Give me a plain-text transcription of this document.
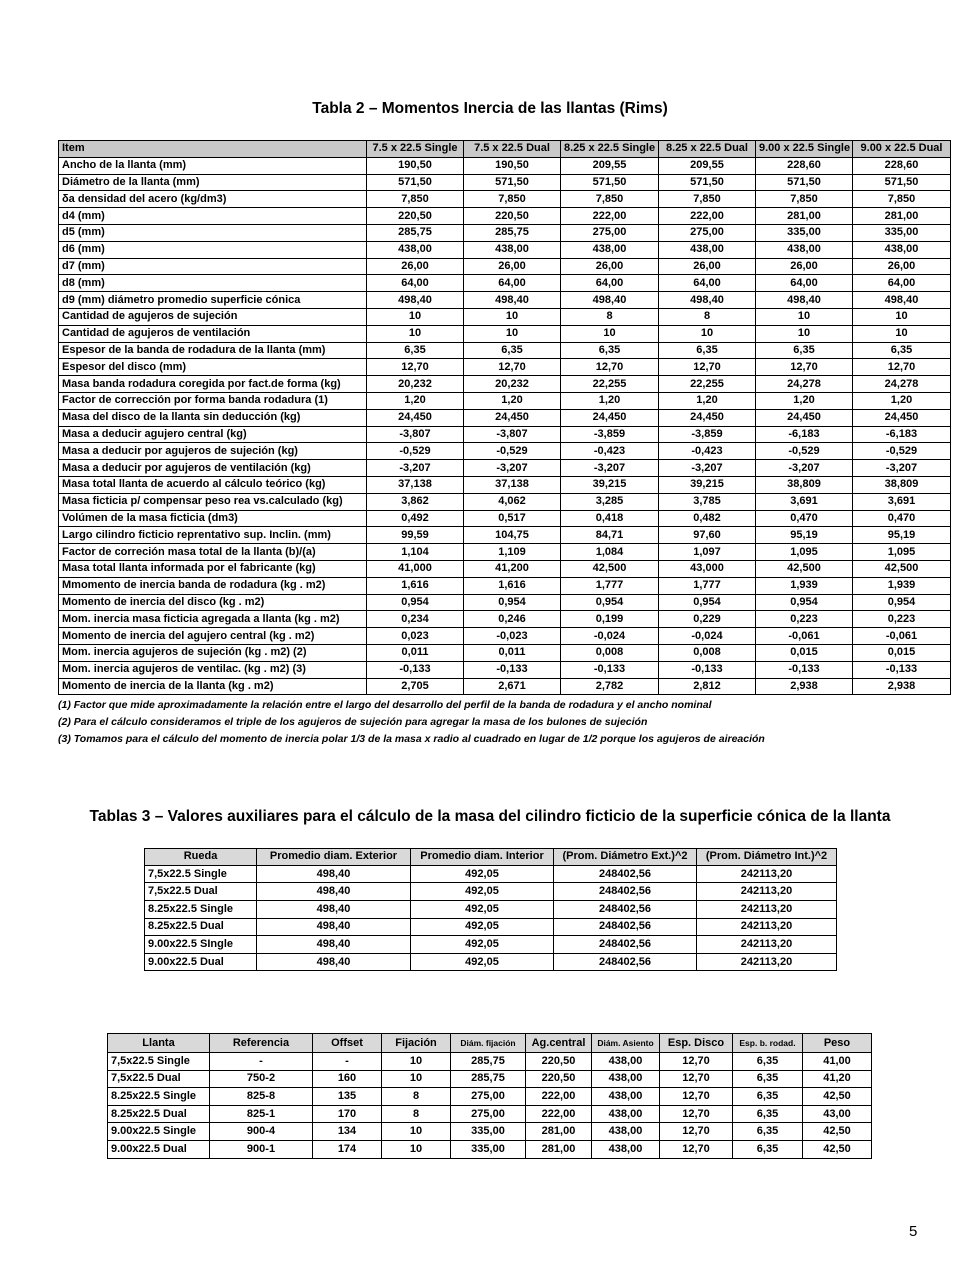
Tabla 2 – Momentos Inercia de las llantas (Rims)
Item	7.5 x 22.5 Single	7.5 x 22.5 Dual	8.25 x 22.5 Single	8.25 x 22.5 Dual	9.00 x 22.5 Single	9.00 x 22.5 Dual
Ancho de la llanta (mm)	190,50	190,50	209,55	209,55	228,60	228,60
Diámetro de la llanta (mm)	571,50	571,50	571,50	571,50	571,50	571,50
δa densidad del acero (kg/dm3)	7,850	7,850	7,850	7,850	7,850	7,850
d4 (mm)	220,50	220,50	222,00	222,00	281,00	281,00
d5 (mm)	285,75	285,75	275,00	275,00	335,00	335,00
d6 (mm)	438,00	438,00	438,00	438,00	438,00	438,00
d7 (mm)	26,00	26,00	26,00	26,00	26,00	26,00
d8 (mm)	64,00	64,00	64,00	64,00	64,00	64,00
d9 (mm) diámetro promedio superficie cónica	498,40	498,40	498,40	498,40	498,40	498,40
Cantidad de agujeros de sujeción	10	10	8	8	10	10
Cantidad de agujeros de ventilación	10	10	10	10	10	10
Espesor de la banda de rodadura de la llanta (mm)	6,35	6,35	6,35	6,35	6,35	6,35
Espesor del disco (mm)	12,70	12,70	12,70	12,70	12,70	12,70
Masa banda rodadura coregida por fact.de forma (kg)	20,232	20,232	22,255	22,255	24,278	24,278
Factor de corrección por forma banda rodadura (1)	1,20	1,20	1,20	1,20	1,20	1,20
Masa del disco de la llanta sin deducción (kg)	24,450	24,450	24,450	24,450	24,450	24,450
Masa a deducir agujero central (kg)	-3,807	-3,807	-3,859	-3,859	-6,183	-6,183
Masa a deducir por agujeros de sujeción (kg)	-0,529	-0,529	-0,423	-0,423	-0,529	-0,529
Masa a deducir por agujeros de ventilación (kg)	-3,207	-3,207	-3,207	-3,207	-3,207	-3,207
Masa total llanta de acuerdo al cálculo teórico (kg)	37,138	37,138	39,215	39,215	38,809	38,809
Masa ficticia p/ compensar peso rea vs.calculado (kg)	3,862	4,062	3,285	3,785	3,691	3,691
Volúmen de la masa ficticia (dm3)	0,492	0,517	0,418	0,482	0,470	0,470
Largo cilindro ficticio reprentativo sup. Inclin. (mm)	99,59	104,75	84,71	97,60	95,19	95,19
Factor de correción masa total de la llanta (b)/(a)	1,104	1,109	1,084	1,097	1,095	1,095
Masa total llanta informada por el fabricante (kg)	41,000	41,200	42,500	43,000	42,500	42,500
Mmomento de inercia banda de rodadura (kg . m2)	1,616	1,616	1,777	1,777	1,939	1,939
Momento de inercia del disco (kg . m2)	0,954	0,954	0,954	0,954	0,954	0,954
Mom. inercia masa ficticia agregada a llanta (kg . m2)	0,234	0,246	0,199	0,229	0,223	0,223
Momento de inercia del agujero central (kg . m2)	0,023	-0,023	-0,024	-0,024	-0,061	-0,061
Mom. inercia agujeros de sujeción (kg . m2) (2)	0,011	0,011	0,008	0,008	0,015	0,015
Mom. inercia agujeros de ventilac. (kg . m2) (3)	-0,133	-0,133	-0,133	-0,133	-0,133	-0,133
Momento de inercia de la llanta (kg . m2)	2,705	2,671	2,782	2,812	2,938	2,938
(1) Factor que mide aproximadamente la relación entre el largo del desarrollo del perfil de la banda de rodadura y el ancho nominal
(2) Para el cálculo consideramos el triple de los agujeros de sujeción para agregar la masa de los bulones de sujeción
(3) Tomamos para el cálculo del momento de inercia polar 1/3 de la masa x radio al cuadrado en lugar de 1/2 porque los agujeros de aireación
Tablas 3 – Valores auxiliares para el cálculo de la masa del cilindro ficticio de la superficie cónica de la llanta
Rueda	Promedio diam. Exterior	Promedio diam. Interior	(Prom. Diámetro Ext.)^2	(Prom. Diámetro Int.)^2
7,5x22.5 Single	498,40	492,05	248402,56	242113,20
7,5x22.5 Dual	498,40	492,05	248402,56	242113,20
8.25x22.5 Single	498,40	492,05	248402,56	242113,20
8.25x22.5 Dual	498,40	492,05	248402,56	242113,20
9.00x22.5 SIngle	498,40	492,05	248402,56	242113,20
9.00x22.5 Dual	498,40	492,05	248402,56	242113,20
Llanta	Referencia	Offset	Fijación	Diám. fijación	Ag.central	Diám. Asiento	Esp. Disco	Esp. b. rodad.	Peso
7,5x22.5 Single	-	-	10	285,75	220,50	438,00	12,70	6,35	41,00
7,5x22.5 Dual	750-2	160	10	285,75	220,50	438,00	12,70	6,35	41,20
8.25x22.5 Single	825-8	135	8	275,00	222,00	438,00	12,70	6,35	42,50
8.25x22.5 Dual	825-1	170	8	275,00	222,00	438,00	12,70	6,35	43,00
9.00x22.5 Single	900-4	134	10	335,00	281,00	438,00	12,70	6,35	42,50
9.00x22.5 Dual	900-1	174	10	335,00	281,00	438,00	12,70	6,35	42,50
5
